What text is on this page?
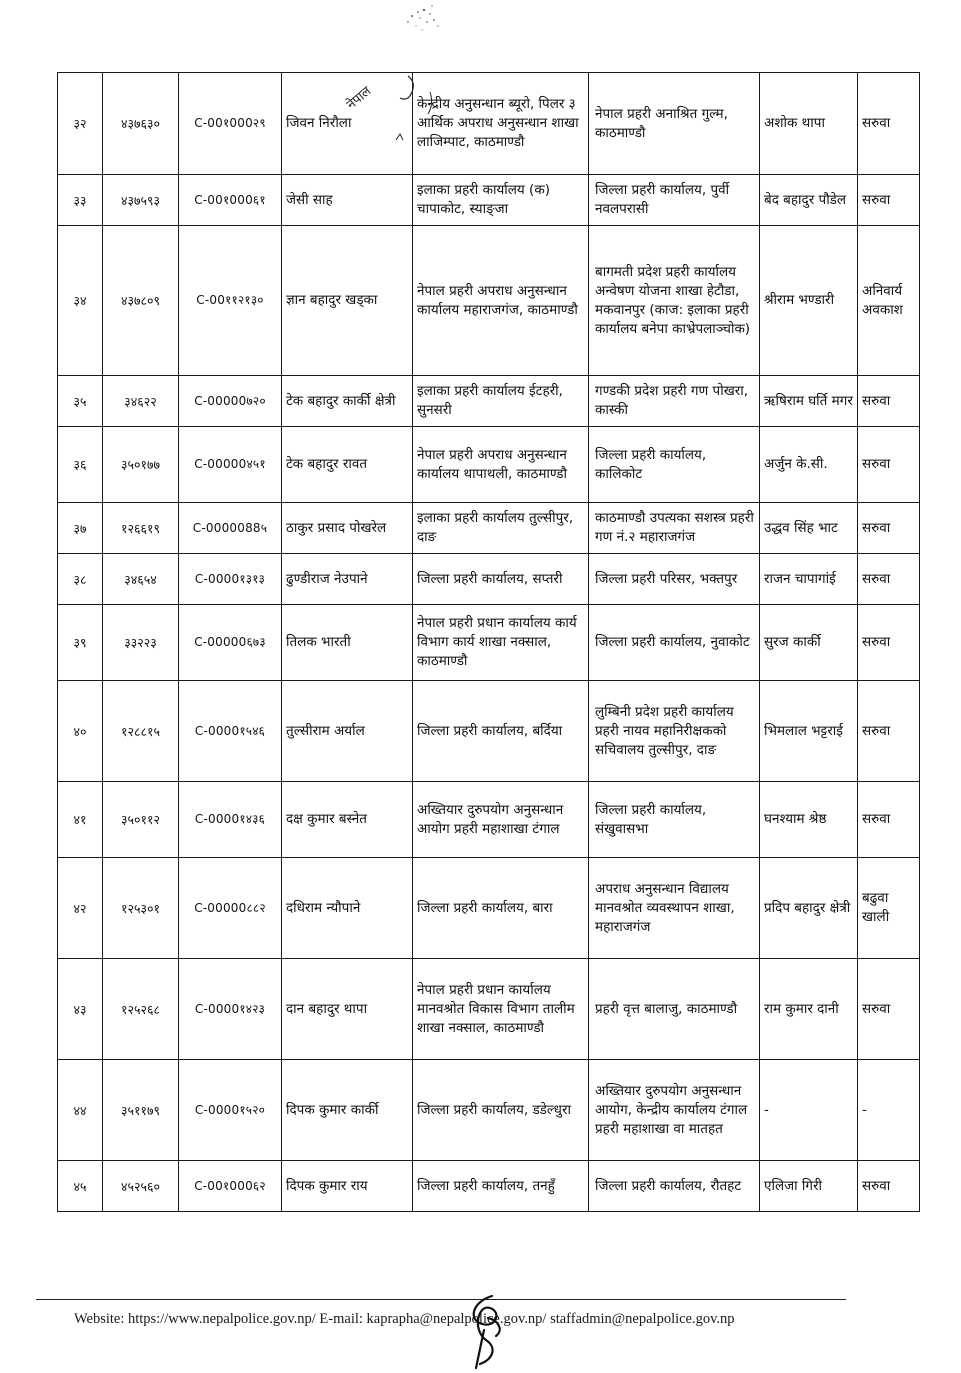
३२	४३७६३०	C-00१000२९	जिवन निरौला	केन्द्रीय अनुसन्धान ब्यूरो, पिलर ३ आर्थिक अपराध अनुसन्धान शाखा लाजिम्पाट, काठमाण्डौ	नेपाल प्रहरी अनाश्रित गुल्म, काठमाण्डौ	अशोक थापा	सरुवा
३३	४३७५९३	C-00१000६१	जेसी साह	इलाका प्रहरी कार्यालय (क) चापाकोट, स्याङ्जा	जिल्ला प्रहरी कार्यालय, पुर्वी नवलपरासी	बेद बहादुर पौडेल	सरुवा
३४	४३७८०९	C-00११२१३०	ज्ञान बहादुर खड्का	नेपाल प्रहरी अपराध अनुसन्धान कार्यालय महाराजगंज, काठमाण्डौ	बागमती प्रदेश प्रहरी कार्यालय अन्वेषण योजना शाखा हेटौडा, मकवानपुर (काज: इलाका प्रहरी कार्यालय बनेपा काभ्रेपलाञ्चोक)	श्रीराम भण्डारी	अनिवार्य अवकाश
३५	३४६२२	C-00000७२०	टेक बहादुर कार्की क्षेत्री	इलाका प्रहरी कार्यालय ईटहरी, सुनसरी	गण्डकी प्रदेश प्रहरी गण पोखरा, कास्की	ऋषिराम घर्ति मगर	सरुवा
३६	३५०१७७	C-00000४५१	टेक बहादुर रावत	नेपाल प्रहरी अपराध अनुसन्धान कार्यालय थापाथली, काठमाण्डौ	जिल्ला प्रहरी कार्यालय, कालिकोट	अर्जुन के.सी.	सरुवा
३७	१२६६१९	C-0000088५	ठाकुर प्रसाद पोखरेल	इलाका प्रहरी कार्यालय तुल्सीपुर, दाङ	काठमाण्डौ उपत्यका सशस्त्र प्रहरी गण नं.२ महाराजगंज	उद्धव सिंह भाट	सरुवा
३८	३४६५४	C-0000१३१३	ढुण्डीराज नेउपाने	जिल्ला प्रहरी कार्यालय, सप्तरी	जिल्ला प्रहरी परिसर, भक्तपुर	राजन चापागांई	सरुवा
३९	३३२२३	C-00000६७३	तिलक भारती	नेपाल प्रहरी प्रधान कार्यालय कार्य विभाग कार्य शाखा नक्साल, काठमाण्डौ	जिल्ला प्रहरी कार्यालय, नुवाकोट	सुरज कार्की	सरुवा
४०	१२८८१५	C-0000१५४६	तुल्सीराम अर्याल	जिल्ला प्रहरी कार्यालय, बर्दिया	लुम्बिनी प्रदेश प्रहरी कार्यालय प्रहरी नायव महानिरीक्षकको सचिवालय तुल्सीपुर, दाङ	भिमलाल भट्टराई	सरुवा
४१	३५०११२	C-0000१४३६	दक्ष कुमार बस्नेत	अख्तियार दुरुपयोग अनुसन्धान आयोग प्रहरी महाशाखा टंगाल	जिल्ला प्रहरी कार्यालय, संखुवासभा	घनश्याम श्रेष्ठ	सरुवा
४२	१२५३०१	C-00000८८२	दधिराम न्यौपाने	जिल्ला प्रहरी कार्यालय, बारा	अपराध अनुसन्धान विद्यालय मानवश्रोत व्यवस्थापन शाखा, महाराजगंज	प्रदिप बहादुर क्षेत्री	बढुवा खाली
४३	१२५२६८	C-0000१४२३	दान बहादुर थापा	नेपाल प्रहरी प्रधान कार्यालय मानवश्रोत विकास विभाग तालीम शाखा नक्साल, काठमाण्डौ	प्रहरी वृत्त बालाजु, काठमाण्डौ	राम कुमार दानी	सरुवा
४४	३५११७९	C-0000१५२०	दिपक कुमार कार्की	जिल्ला प्रहरी कार्यालय, डडेल्धुरा	अख्तियार दुरुपयोग अनुसन्धान आयोग, केन्द्रीय कार्यालय टंगाल प्रहरी महाशाखा वा मातहत	-	-
४५	४५२५६०	C-00१000६२	दिपक कुमार राय	जिल्ला प्रहरी कार्यालय, तनहुँ	जिल्ला प्रहरी कार्यालय, रौतहट	एलिजा गिरी	सरुवा
नेपाल
Website: https://www.nepalpolice.gov.np/ E-mail: kaprapha@nepalpolice.gov.np/ staffadmin@nepalpolice.gov.np
